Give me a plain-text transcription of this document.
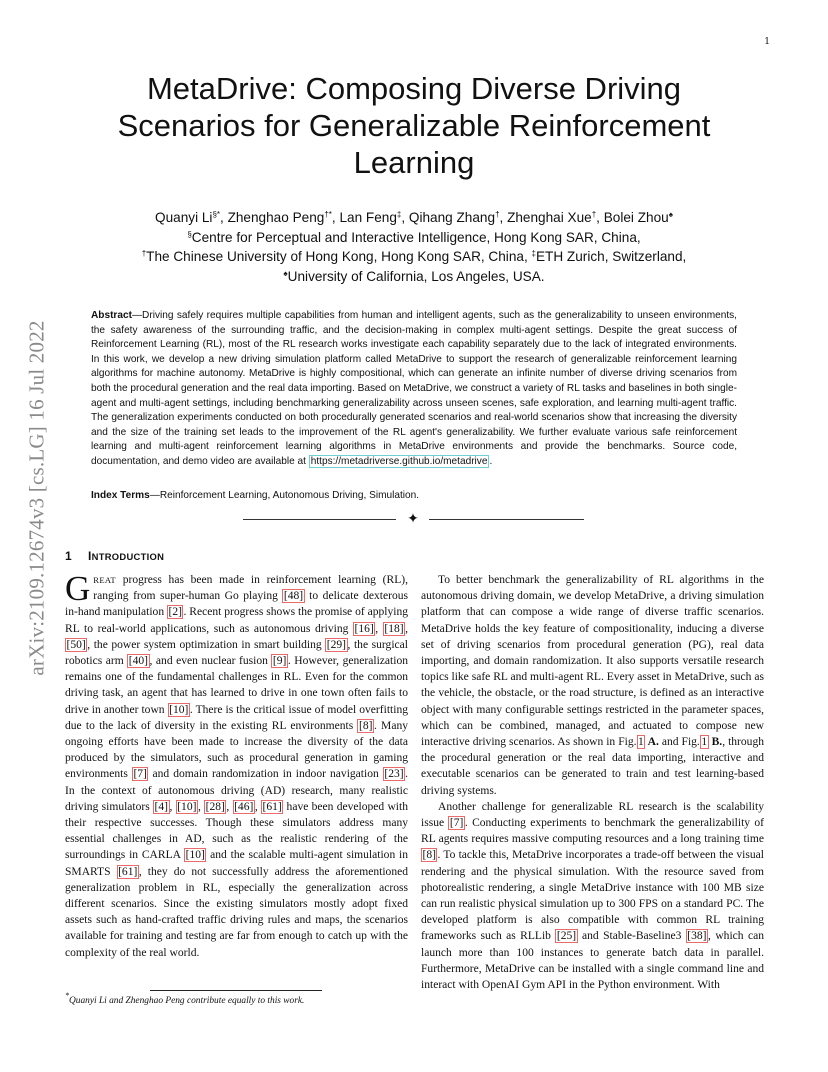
1
arXiv:2109.12674v3 [cs.LG] 16 Jul 2022
MetaDrive: Composing Diverse Driving
Scenarios for Generalizable Reinforcement
Learning
Quanyi Li§*, Zhenghao Peng†*, Lan Feng‡, Qihang Zhang†, Zhenghai Xue†, Bolei Zhou♠
§Centre for Perceptual and Interactive Intelligence, Hong Kong SAR, China,
†The Chinese University of Hong Kong, Hong Kong SAR, China, ‡ETH Zurich, Switzerland,
♠University of California, Los Angeles, USA.
Abstract—Driving safely requires multiple capabilities from human and intelligent agents, such as the generalizability to unseen environments, the safety awareness of the surrounding traffic, and the decision-making in complex multi-agent settings. Despite the great success of Reinforcement Learning (RL), most of the RL research works investigate each capability separately due to the lack of integrated environments. In this work, we develop a new driving simulation platform called MetaDrive to support the research of generalizable reinforcement learning algorithms for machine autonomy. MetaDrive is highly compositional, which can generate an infinite number of diverse driving scenarios from both the procedural generation and the real data importing. Based on MetaDrive, we construct a variety of RL tasks and baselines in both single-agent and multi-agent settings, including benchmarking generalizability across unseen scenes, safe exploration, and learning multi-agent traffic. The generalization experiments conducted on both procedurally generated scenarios and real-world scenarios show that increasing the diversity and the size of the training set leads to the improvement of the RL agent's generalizability. We further evaluate various safe reinforcement learning and multi-agent reinforcement learning algorithms in MetaDrive environments and provide the benchmarks. Source code, documentation, and demo video are available at https://metadriverse.github.io/metadrive .
Index Terms—Reinforcement Learning, Autonomous Driving, Simulation.
✦
1 INTRODUCTION

GREAT progress has been made in reinforcement learning (RL), ranging from super-human Go playing [48] to delicate dexterous in-hand manipulation [2] . Recent progress shows the promise of applying RL to real-world applications, such as autonomous driving [16] , [18] , [50] , the power system optimization in smart building [29] , the surgical robotics arm [40] , and even nuclear fusion [9] . However, generalization remains one of the fundamental challenges in RL. Even for the common driving task, an agent that has learned to drive in one town often fails to drive in another town [10] . There is the critical issue of model overfitting due to the lack of diversity in the existing RL environments [8] . Many ongoing efforts have been made to increase the diversity of the data produced by the simulators, such as procedural generation in gaming environments [7] and domain randomization in indoor navigation [23] . In the context of autonomous driving (AD) research, many realistic driving simulators [4] , [10] , [28] , [46] , [61] have been developed with their respective successes. Though these simulators address many essential challenges in AD, such as the realistic rendering of the surroundings in CARLA [10] and the scalable multi-agent simulation in SMARTS [61] , they do not successfully address the aforementioned generalization problem in RL, especially the generalization across different scenarios. Since the existing simulators mostly adopt fixed assets such as hand-crafted traffic driving rules and maps, the scenarios available for training and testing are far from enough to catch up with the complexity of the real world.

To better benchmark the generalizability of RL algorithms in the autonomous driving domain, we develop MetaDrive, a driving simulation platform that can compose a wide range of diverse traffic scenarios. MetaDrive holds the key feature of compositionality, inducing a diverse set of driving scenarios from procedural generation (PG), real data importing, and domain randomization. It also supports versatile research topics like safe RL and multi-agent RL. Every asset in MetaDrive, such as the vehicle, the obstacle, or the road structure, is defined as an interactive object with many configurable settings restricted in the parameter spaces, which can be combined, managed, and actuated to compose new interactive driving scenarios. As shown in Fig. 1 A. and Fig. 1 B., through the procedural generation or the real data importing, interactive and executable scenarios can be generated to train and test learning-based driving systems.

Another challenge for generalizable RL research is the scalability issue [7] . Conducting experiments to benchmark the generalizability of RL agents requires massive computing resources and a long training time [8] . To tackle this, MetaDrive incorporates a trade-off between the visual rendering and the physical simulation. With the resource saved from photorealistic rendering, a single MetaDrive instance with 100 MB size can run realistic physical simulation up to 300 FPS on a standard PC. The developed platform is also compatible with common RL training frameworks such as RLLib [25] and Stable-Baseline3 [38] , which can launch more than 100 instances to generate batch data in parallel. Furthermore, MetaDrive can be installed with a single command line and interact with OpenAI Gym API in the Python environment. With

*Quanyi Li and Zhenghao Peng contribute equally to this work.
